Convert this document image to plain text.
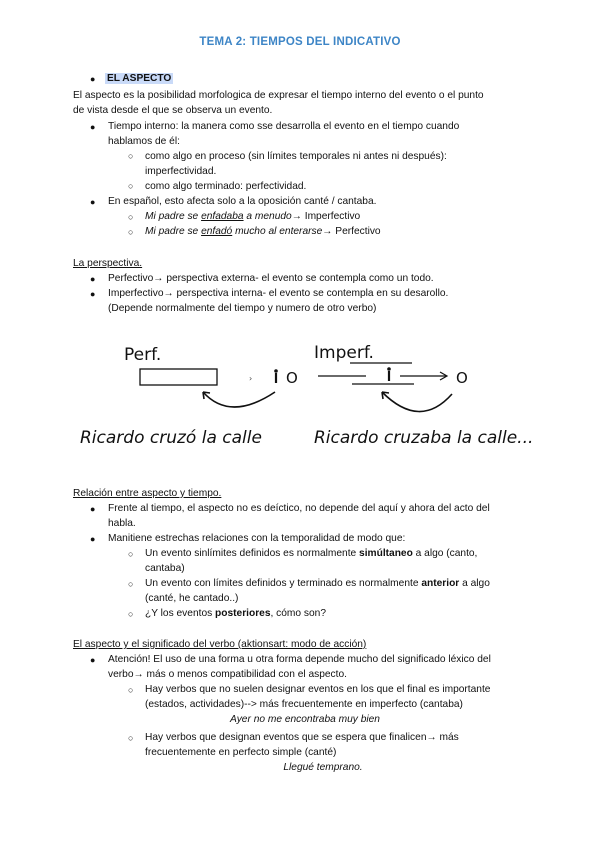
TEMA 2: TIEMPOS DEL INDICATIVO
● EL ASPECTO
El aspecto es la posibilidad morfologica de expresar el tiempo interno del evento o el punto
de vista desde el que se observa un evento.
● Tiempo interno: la manera como sse desarrolla el evento en el tiempo cuando
hablamos de él:
○ como algo en proceso (sin límites temporales ni antes ni después):
imperfectividad.
○ como algo terminado: perfectividad.
● En español, esto afecta solo a la oposición canté / cantaba.
○ Mi padre se enfadaba a menudo→ Imperfectivo
○ Mi padre se enfadó mucho al enterarse→ Perfectivo
La perspectiva.
● Perfectivo→ perspectiva externa- el evento se contempla como un todo.
● Imperfectivo→ perspectiva interna- el evento se contempla en su desarollo.
(Depende normalmente del tiempo y numero de otro verbo)
Perf.
› O
Ricardo cruzó la calle
Imperf.
O
Ricardo cruzaba la calle...
Relación entre aspecto y tiempo.
● Frente al tiempo, el aspecto no es deíctico, no depende del aquí y ahora del acto del
habla.
● Manitiene estrechas relaciones con la temporalidad de modo que:
○ Un evento sinlímites definidos es normalmente simúltaneo a algo (canto,
cantaba)
○ Un evento con límites definidos y terminado es normalmente anterior a algo
(canté, he cantado..)
○ ¿Y los eventos posteriores, cómo son?
El aspecto y el significado del verbo (aktionsart: modo de acción)
● Atención! El uso de una forma u otra forma depende mucho del significado léxico del
verbo→ más o menos compatibilidad con el aspecto.
○ Hay verbos que no suelen designar eventos en los que el final es importante
(estados, actividades)--> más frecuentemente en imperfecto (cantaba)
Ayer no me encontraba muy bien
○ Hay verbos que designan eventos que se espera que finalicen→ más
frecuentemente en perfecto simple (canté)
Llegué temprano.
